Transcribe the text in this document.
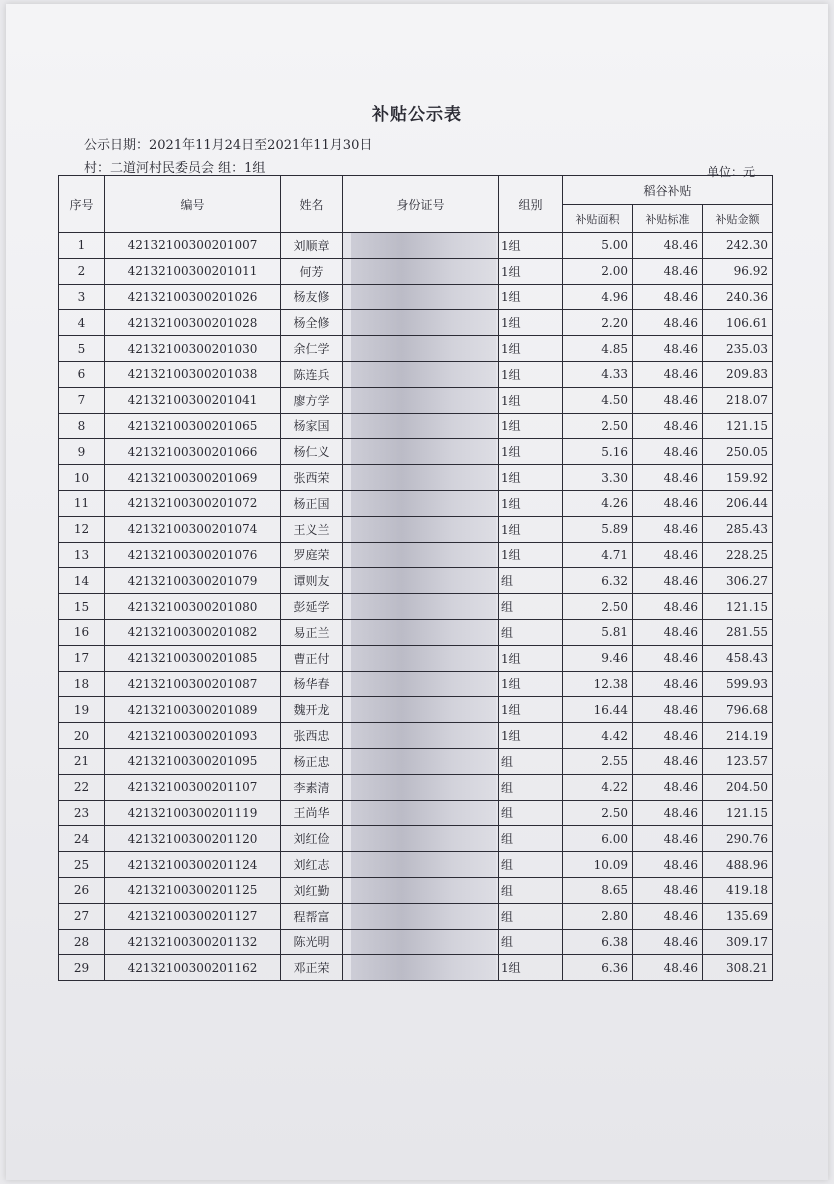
补贴公示表
公示日期：2021年11月24日至2021年11月30日
村：二道河村民委员会 组：1组	单位：元
序号	编号	姓名	身份证号	组别	稻谷补贴		
					补贴面积	补贴标准	补贴金额
1	42132100300201007	刘顺章		1组	5.00	48.46	242.30
2	42132100300201011	何芳		1组	2.00	48.46	96.92
3	42132100300201026	杨友修		1组	4.96	48.46	240.36
4	42132100300201028	杨全修		1组	2.20	48.46	106.61
5	42132100300201030	余仁学		1组	4.85	48.46	235.03
6	42132100300201038	陈连兵		1组	4.33	48.46	209.83
7	42132100300201041	廖方学		1组	4.50	48.46	218.07
8	42132100300201065	杨家国		1组	2.50	48.46	121.15
9	42132100300201066	杨仁义		1组	5.16	48.46	250.05
10	42132100300201069	张西荣		1组	3.30	48.46	159.92
11	42132100300201072	杨正国		1组	4.26	48.46	206.44
12	42132100300201074	王义兰		1组	5.89	48.46	285.43
13	42132100300201076	罗庭荣		1组	4.71	48.46	228.25
14	42132100300201079	谭则友		组	6.32	48.46	306.27
15	42132100300201080	彭延学		组	2.50	48.46	121.15
16	42132100300201082	易正兰		组	5.81	48.46	281.55
17	42132100300201085	曹正付		1组	9.46	48.46	458.43
18	42132100300201087	杨华春		1组	12.38	48.46	599.93
19	42132100300201089	魏开龙		1组	16.44	48.46	796.68
20	42132100300201093	张西忠		1组	4.42	48.46	214.19
21	42132100300201095	杨正忠		组	2.55	48.46	123.57
22	42132100300201107	李素清		组	4.22	48.46	204.50
23	42132100300201119	王尚华		组	2.50	48.46	121.15
24	42132100300201120	刘红俭		组	6.00	48.46	290.76
25	42132100300201124	刘红志		组	10.09	48.46	488.96
26	42132100300201125	刘红勤		组	8.65	48.46	419.18
27	42132100300201127	程帮富		组	2.80	48.46	135.69
28	42132100300201132	陈光明		组	6.38	48.46	309.17
29	42132100300201162	邓正荣		1组	6.36	48.46	308.21
